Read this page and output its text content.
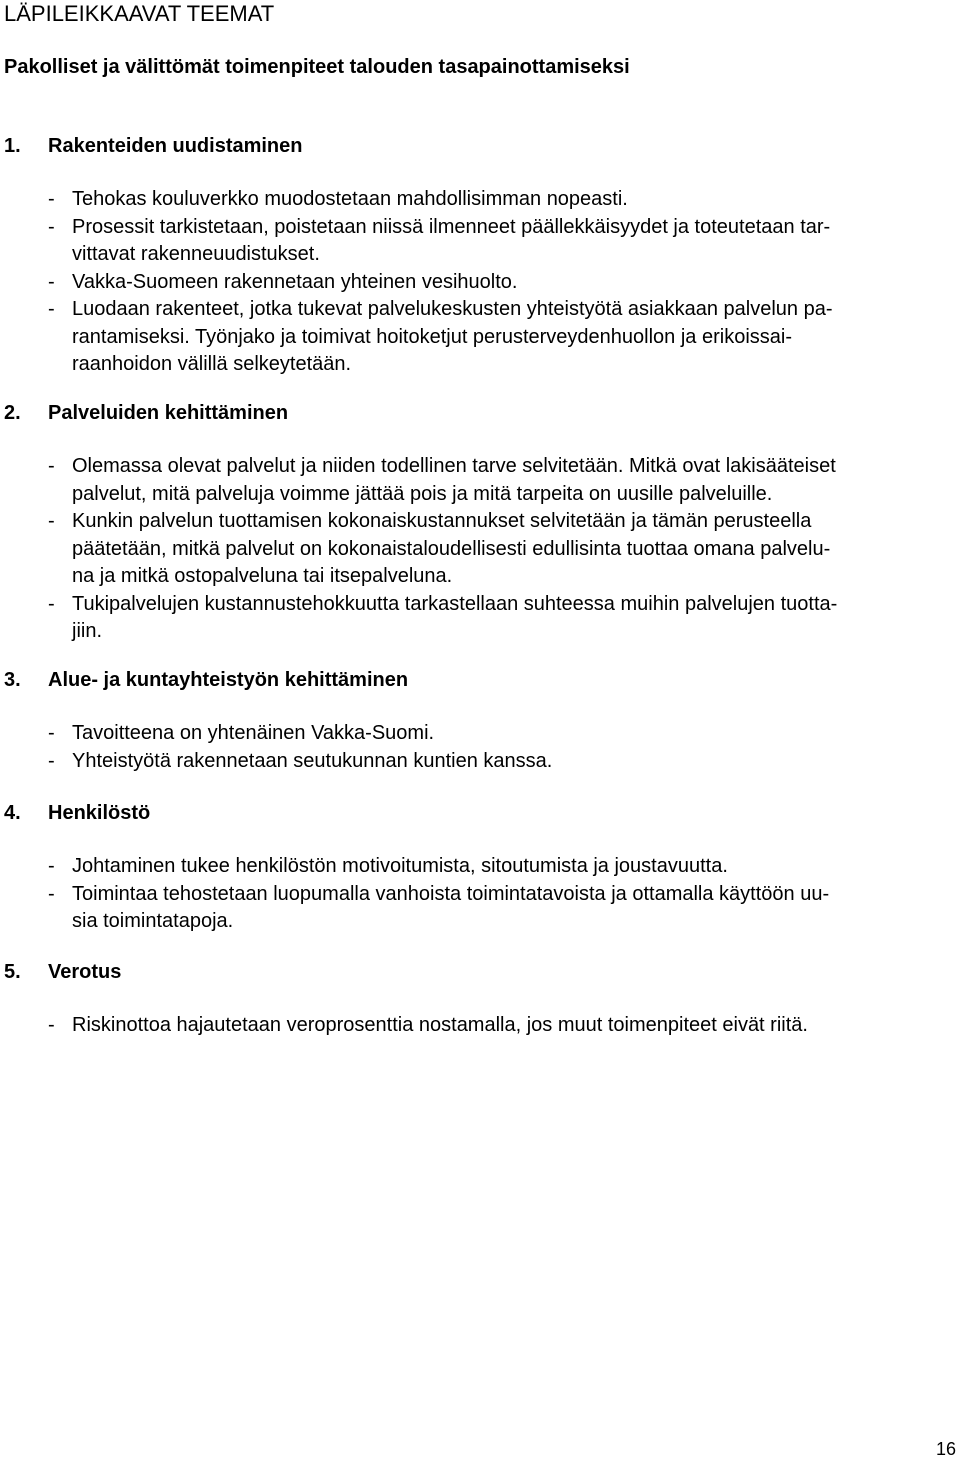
LÄPILEIKKAAVAT TEEMAT
Pakolliset ja välittömät toimenpiteet talouden tasapainottamiseksi
1. Rakenteiden uudistaminen
- Tehokas kouluverkko muodostetaan mahdollisimman nopeasti.
- Prosessit tarkistetaan, poistetaan niissä ilmenneet päällekkäisyydet ja toteutetaan tar-
vittavat rakenneuudistukset.
- Vakka-Suomeen rakennetaan yhteinen vesihuolto.
- Luodaan rakenteet, jotka tukevat palvelukeskusten yhteistyötä asiakkaan palvelun pa-
rantamiseksi. Työnjako ja toimivat hoitoketjut perusterveydenhuollon ja erikoissai-
raanhoidon välillä selkeytetään.
2. Palveluiden kehittäminen
- Olemassa olevat palvelut ja niiden todellinen tarve selvitetään. Mitkä ovat lakisääteiset
palvelut, mitä palveluja voimme jättää pois ja mitä tarpeita on uusille palveluille.
- Kunkin palvelun tuottamisen kokonaiskustannukset selvitetään ja tämän perusteella
päätetään, mitkä palvelut on kokonaistaloudellisesti edullisinta tuottaa omana palvelu-
na ja mitkä ostopalveluna tai itsepalveluna.
- Tukipalvelujen kustannustehokkuutta tarkastellaan suhteessa muihin palvelujen tuotta-
jiin.
3. Alue- ja kuntayhteistyön kehittäminen
- Tavoitteena on yhtenäinen Vakka-Suomi.
- Yhteistyötä rakennetaan seutukunnan kuntien kanssa.
4. Henkilöstö
- Johtaminen tukee henkilöstön motivoitumista, sitoutumista ja joustavuutta.
- Toimintaa tehostetaan luopumalla vanhoista toimintatavoista ja ottamalla käyttöön uu-
sia toimintatapoja.
5. Verotus
- Riskinottoa hajautetaan veroprosenttia nostamalla, jos muut toimenpiteet eivät riitä.
16
